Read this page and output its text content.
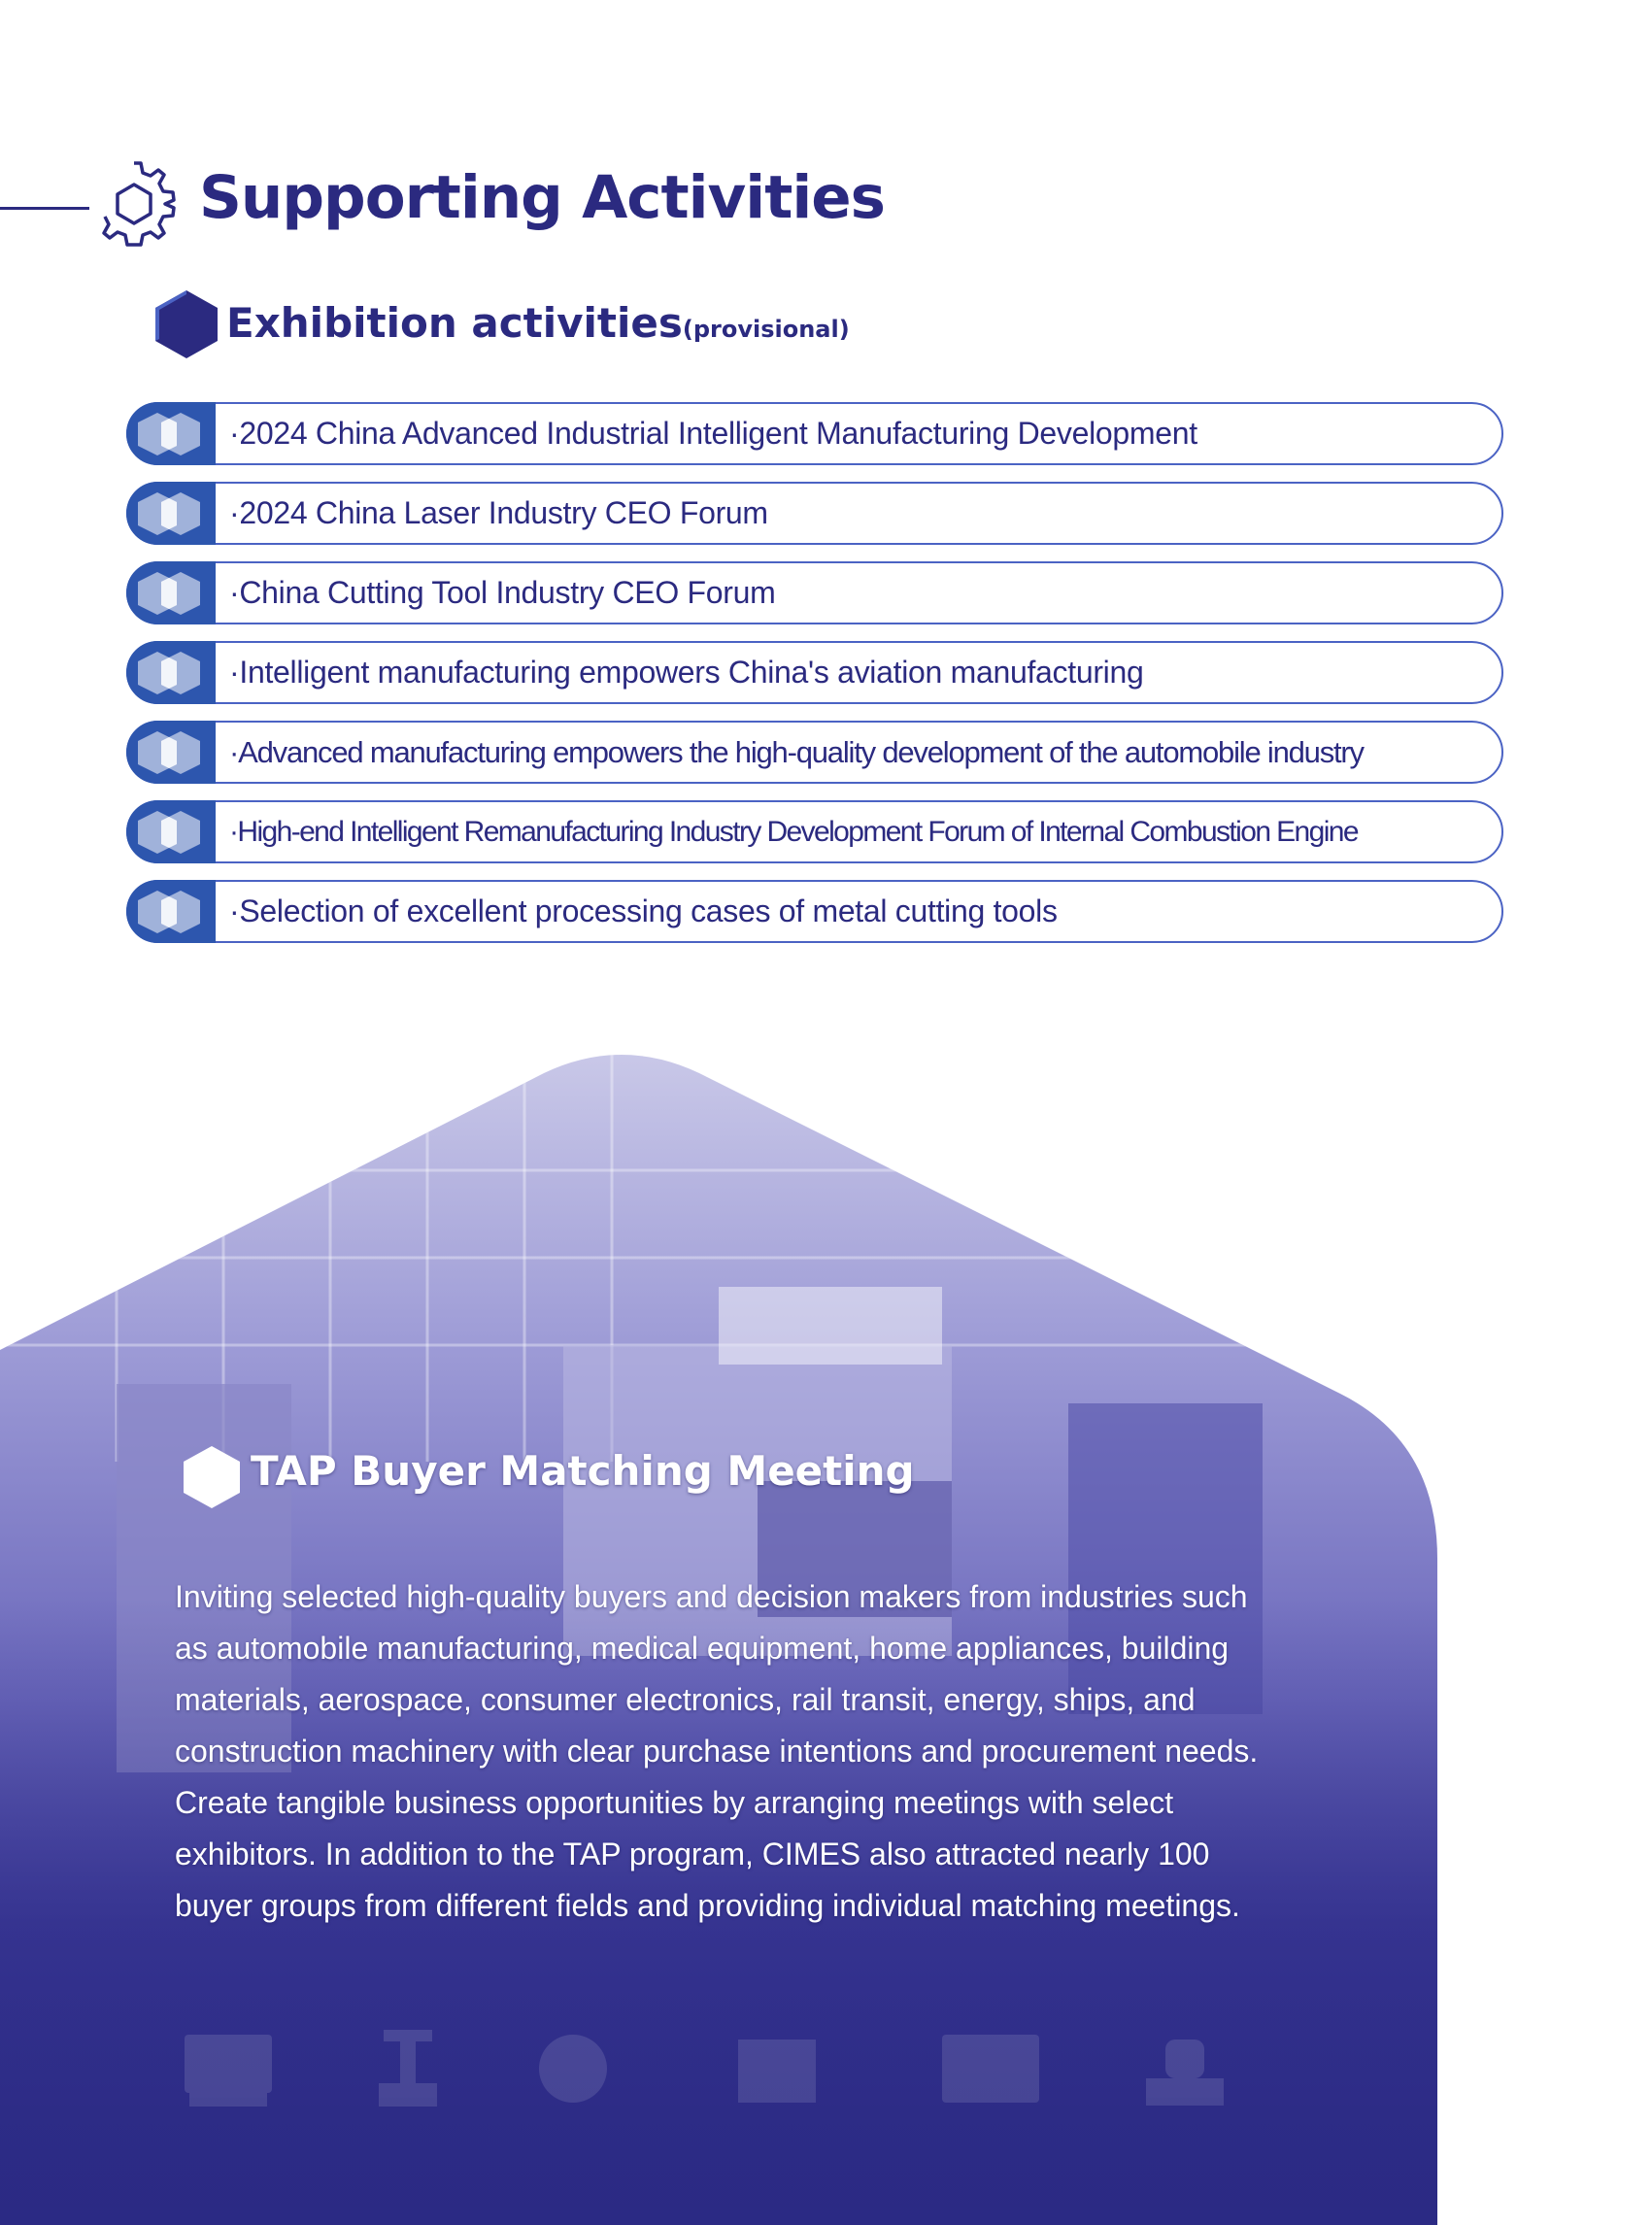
Supporting Activities
Exhibition activities(provisional)
·2024 China Advanced Industrial Intelligent Manufacturing Development
·2024 China Laser Industry CEO Forum
·China Cutting Tool Industry CEO Forum
·Intelligent manufacturing empowers China's aviation manufacturing
·Advanced manufacturing empowers the high-quality development of the automobile industry
·High-end Intelligent Remanufacturing Industry Development Forum of Internal Combustion Engine
·Selection of excellent processing cases of metal cutting tools
TAP Buyer Matching Meeting

Inviting selected high-quality buyers and decision makers from industries such as automobile manufacturing, medical equipment, home appliances, building materials, aerospace, consumer electronics, rail transit, energy, ships, and construction machinery with clear purchase intentions and procurement needs. Create tangible business opportunities by arranging meetings with select exhibitors. In addition to the TAP program, CIMES also attracted nearly 100 buyer groups from different fields and providing individual matching meetings.
